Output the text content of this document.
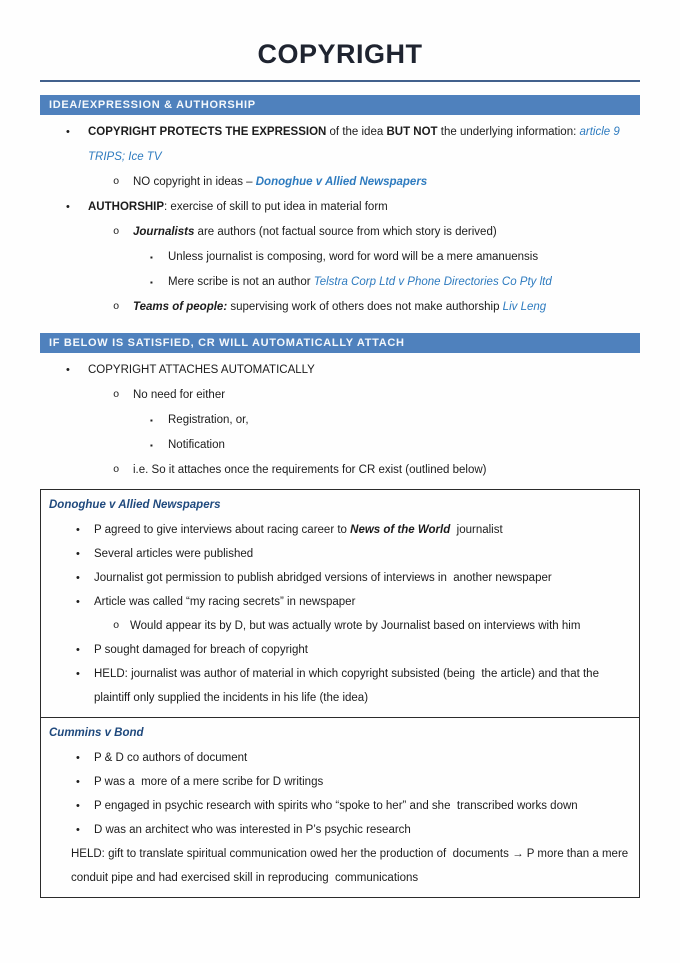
COPYRIGHT
IDEA/EXPRESSION & AUTHORSHIP
•	COPYRIGHT PROTECTS THE EXPRESSION of the idea BUT NOT the underlying information: article 9 TRIPS; Ice TV
o	NO copyright in ideas – Donoghue v Allied Newspapers
•	AUTHORSHIP: exercise of skill to put idea in material form
o	Journalists are authors (not factual source from which story is derived)
▪	Unless journalist is composing, word for word will be a mere amanuensis
▪	Mere scribe is not an author Telstra Corp Ltd v Phone Directories Co Pty ltd
o	Teams of people: supervising work of others does not make authorship Liv Leng
IF BELOW IS SATISFIED, CR WILL AUTOMATICALLY ATTACH
•	COPYRIGHT ATTACHES AUTOMATICALLY
o	No need for either
▪	Registration, or,
▪	Notification
o	i.e. So it attaches once the requirements for CR exist (outlined below)
Donoghue v Allied Newspapers
•	P agreed to give interviews about racing career to News of the World  journalist
•	Several articles were published
•	Journalist got permission to publish abridged versions of interviews in  another newspaper
•	Article was called “my racing secrets” in newspaper
o Would appear its by D, but was actually wrote by Journalist based on interviews with him
•	P sought damaged for breach of copyright
•	HELD: journalist was author of material in which copyright subsisted (being  the article) and that the plaintiff only supplied the incidents in his life (the idea)
Cummins v Bond
•	P & D co authors of document
•	P was a  more of a mere scribe for D writings
•	P engaged in psychic research with spirits who “spoke to her” and she  transcribed works down
•	D was an architect who was interested in P’s psychic research
HELD: gift to translate spiritual communication owed her the production of  documents → P more than a mere conduit pipe and had exercised skill in reproducing  communications
